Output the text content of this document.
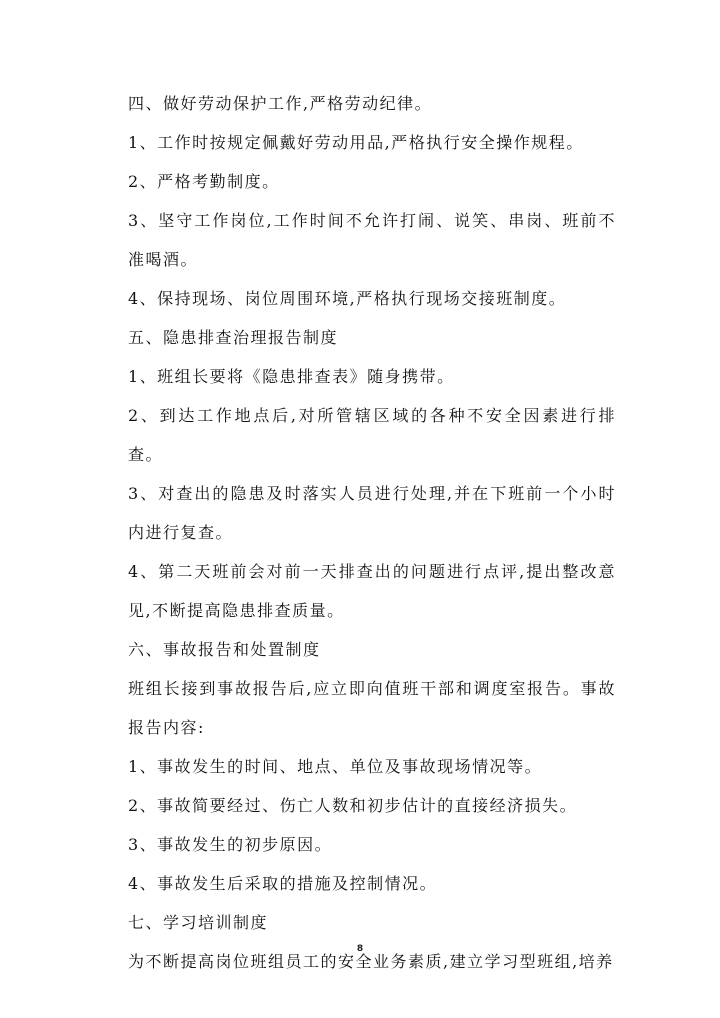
四、做好劳动保护工作,严格劳动纪律。

1、工作时按规定佩戴好劳动用品,严格执行安全操作规程。

2、严格考勤制度。

3、坚守工作岗位,工作时间不允许打闹、说笑、串岗、班前不准喝酒。

4、保持现场、岗位周围环境,严格执行现场交接班制度。

五、隐患排查治理报告制度

1、班组长要将《隐患排查表》随身携带。

2、到达工作地点后,对所管辖区域的各种不安全因素进行排查。

3、对查出的隐患及时落实人员进行处理,并在下班前一个小时内进行复查。

4、第二天班前会对前一天排查出的问题进行点评,提出整改意见,不断提高隐患排查质量。

六、事故报告和处置制度

班组长接到事故报告后,应立即向值班干部和调度室报告。事故报告内容:

1、事故发生的时间、地点、单位及事故现场情况等。

2、事故简要经过、伤亡人数和初步估计的直接经济损失。

3、事故发生的初步原因。

4、事故发生后采取的措施及控制情况。

七、学习培训制度

为不断提高岗位班组员工的安全业务素质,建立学习型班组,培养

8
